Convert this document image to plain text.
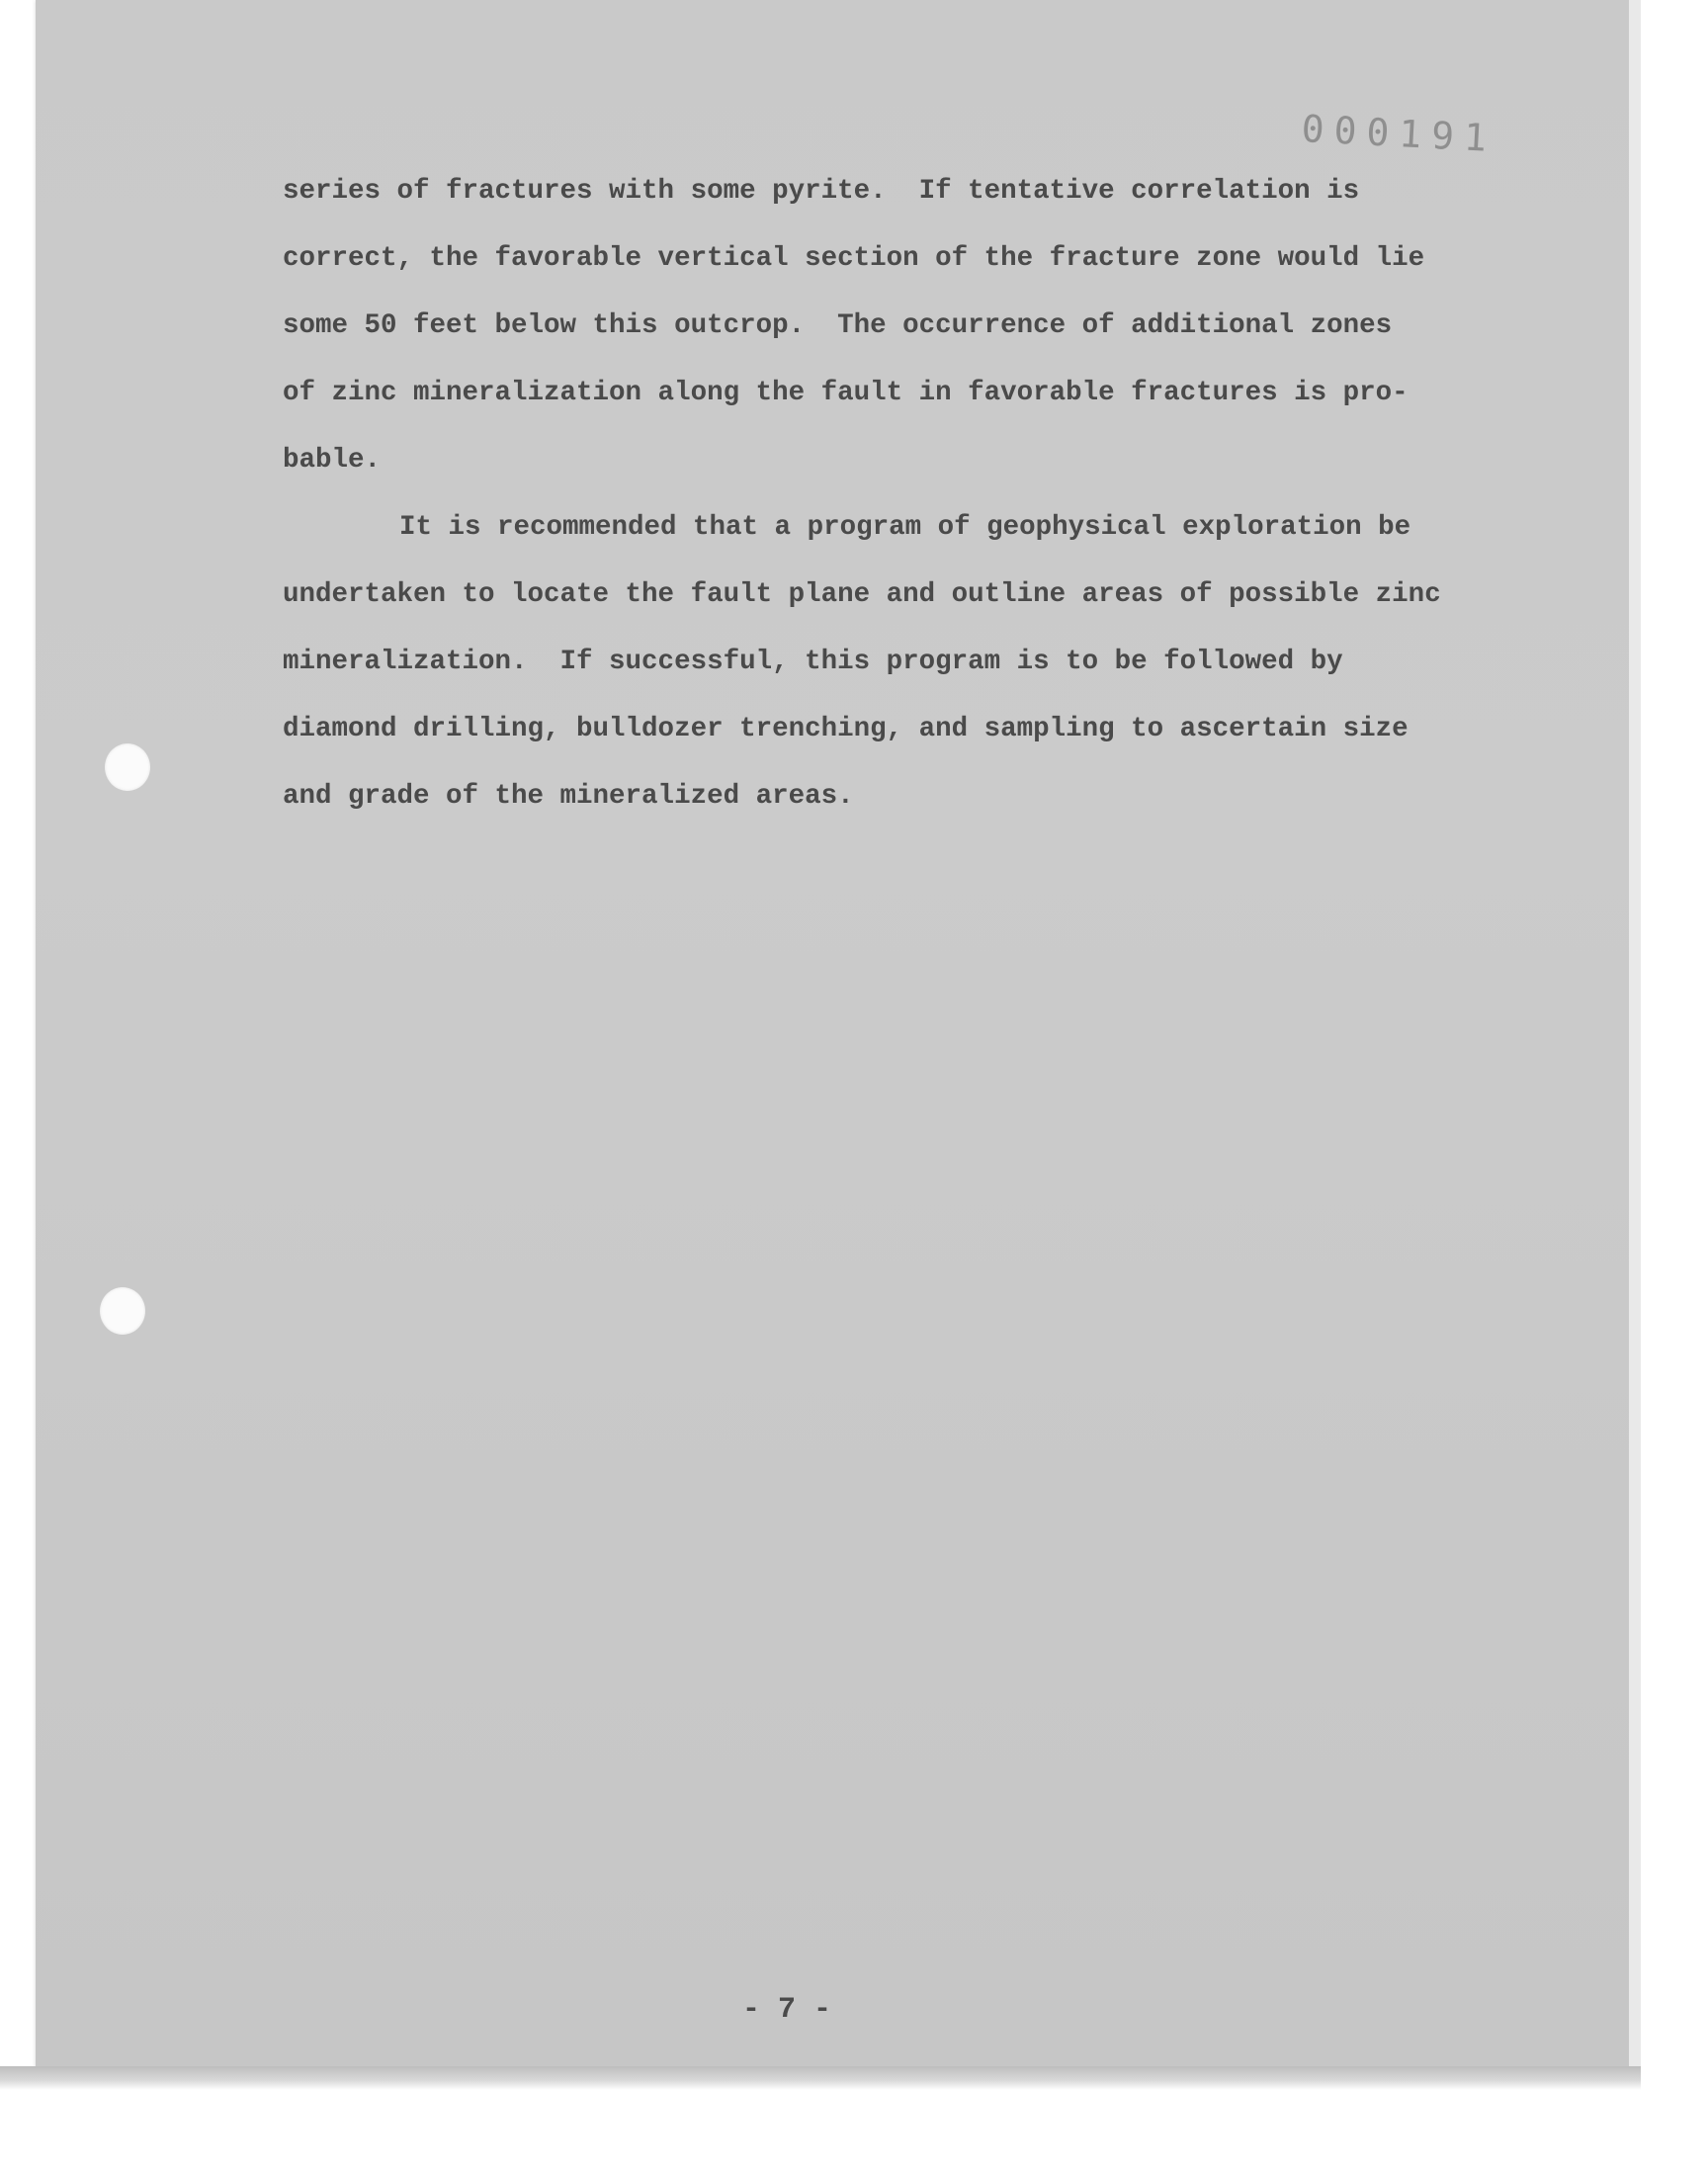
000191
series of fractures with some pyrite.  If tentative correlation is
correct, the favorable vertical section of the fracture zone would lie
some 50 feet below this outcrop.  The occurrence of additional zones
of zinc mineralization along the fault in favorable fractures is pro-
bable.
It is recommended that a program of geophysical exploration be
undertaken to locate the fault plane and outline areas of possible zinc
mineralization.  If successful, this program is to be followed by
diamond drilling, bulldozer trenching, and sampling to ascertain size
and grade of the mineralized areas.
- 7 -
